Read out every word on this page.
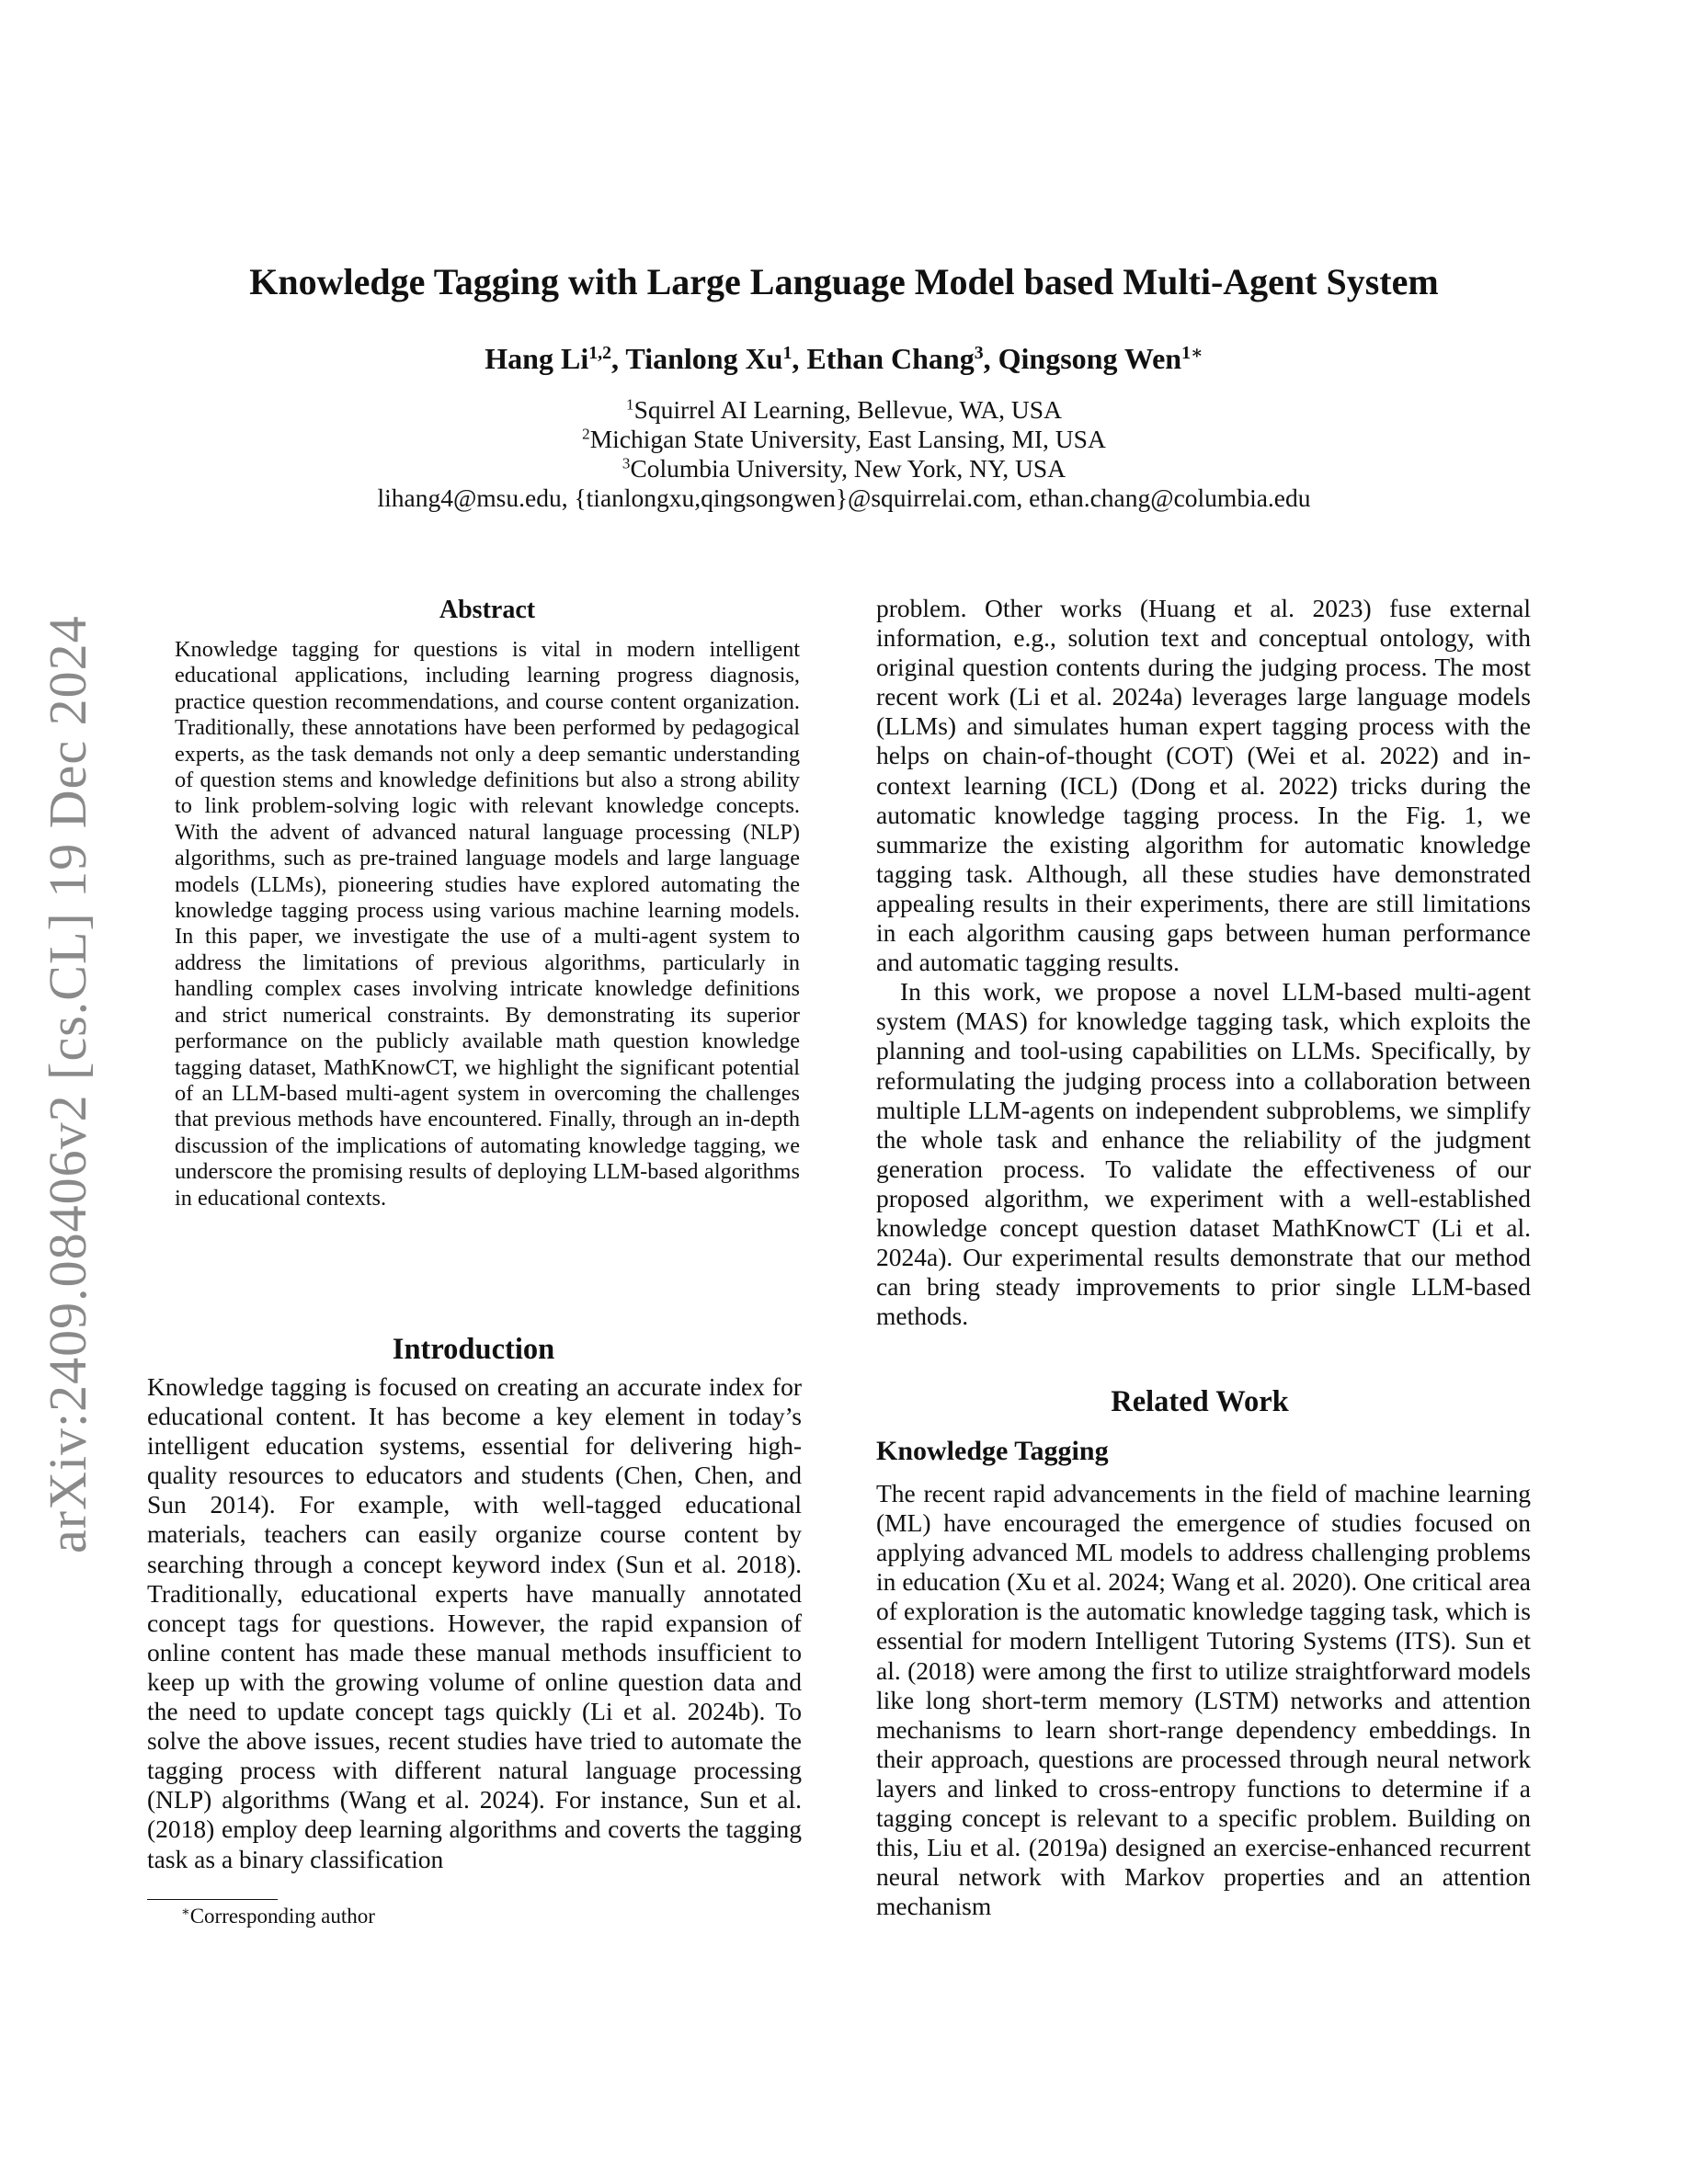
arXiv:2409.08406v2 [cs.CL] 19 Dec 2024
Knowledge Tagging with Large Language Model based Multi-Agent System
Hang Li$^{1,2}$, Tianlong Xu$^1$, Ethan Chang$^3$, Qingsong Wen$^{1∗}$
$^1$Squirrel AI Learning, Bellevue, WA, USA
$^2$Michigan State University, East Lansing, MI, USA
$^3$Columbia University, New York, NY, USA
lihang4@msu.edu, {tianlongxu,qingsongwen}@squirrelai.com, ethan.chang@columbia.edu
Abstract
Knowledge tagging for questions is vital in modern intelligent educational applications, including learning progress diagnosis, practice question recommendations, and course content organization. Traditionally, these annotations have been performed by pedagogical experts, as the task demands not only a deep semantic understanding of question stems and knowledge definitions but also a strong ability to link problem-solving logic with relevant knowledge concepts. With the advent of advanced natural language processing (NLP) algorithms, such as pre-trained language models and large language models (LLMs), pioneering studies have explored automating the knowledge tagging process using various machine learning models. In this paper, we investigate the use of a multi-agent system to address the limitations of previous algorithms, particularly in handling complex cases involving intricate knowledge definitions and strict numerical constraints. By demonstrating its superior performance on the publicly available math question knowledge tagging dataset, MathKnowCT, we highlight the significant potential of an LLM-based multi-agent system in overcoming the challenges that previous methods have encountered. Finally, through an in-depth discussion of the implications of automating knowledge tagging, we underscore the promising results of deploying LLM-based algorithms in educational contexts.
Introduction

Knowledge tagging is focused on creating an accurate index for educational content. It has become a key element in today’s intelligent education systems, essential for delivering high-quality resources to educators and students (Chen, Chen, and Sun 2014). For example, with well-tagged educational materials, teachers can easily organize course content by searching through a concept keyword index (Sun et al. 2018). Traditionally, educational experts have manually annotated concept tags for questions. However, the rapid expansion of online content has made these manual methods insufficient to keep up with the growing volume of online question data and the need to update concept tags quickly (Li et al. 2024b). To solve the above issues, recent studies have tried to automate the tagging process with different natural language processing (NLP) algorithms (Wang et al. 2024). For instance, Sun et al. (2018) employ deep learning algorithms and coverts the tagging task as a binary classification

problem. Other works (Huang et al. 2023) fuse external information, e.g., solution text and conceptual ontology, with original question contents during the judging process. The most recent work (Li et al. 2024a) leverages large language models (LLMs) and simulates human expert tagging process with the helps on chain-of-thought (COT) (Wei et al. 2022) and in-context learning (ICL) (Dong et al. 2022) tricks during the automatic knowledge tagging process. In the Fig. 1, we summarize the existing algorithm for automatic knowledge tagging task. Although, all these studies have demonstrated appealing results in their experiments, there are still limitations in each algorithm causing gaps between human performance and automatic tagging results.

In this work, we propose a novel LLM-based multi-agent system (MAS) for knowledge tagging task, which exploits the planning and tool-using capabilities on LLMs. Specifically, by reformulating the judging process into a collaboration between multiple LLM-agents on independent subproblems, we simplify the whole task and enhance the reliability of the judgment generation process. To validate the effectiveness of our proposed algorithm, we experiment with a well-established knowledge concept question dataset MathKnowCT (Li et al. 2024a). Our experimental results demonstrate that our method can bring steady improvements to prior single LLM-based methods.

Related Work
Knowledge Tagging

The recent rapid advancements in the field of machine learning (ML) have encouraged the emergence of studies focused on applying advanced ML models to address challenging problems in education (Xu et al. 2024; Wang et al. 2020). One critical area of exploration is the automatic knowledge tagging task, which is essential for modern Intelligent Tutoring Systems (ITS). Sun et al. (2018) were among the first to utilize straightforward models like long short-term memory (LSTM) networks and attention mechanisms to learn short-range dependency embeddings. In their approach, questions are processed through neural network layers and linked to cross-entropy functions to determine if a tagging concept is relevant to a specific problem. Building on this, Liu et al. (2019a) designed an exercise-enhanced recurrent neural network with Markov properties and an attention mechanism

∗Corresponding author
